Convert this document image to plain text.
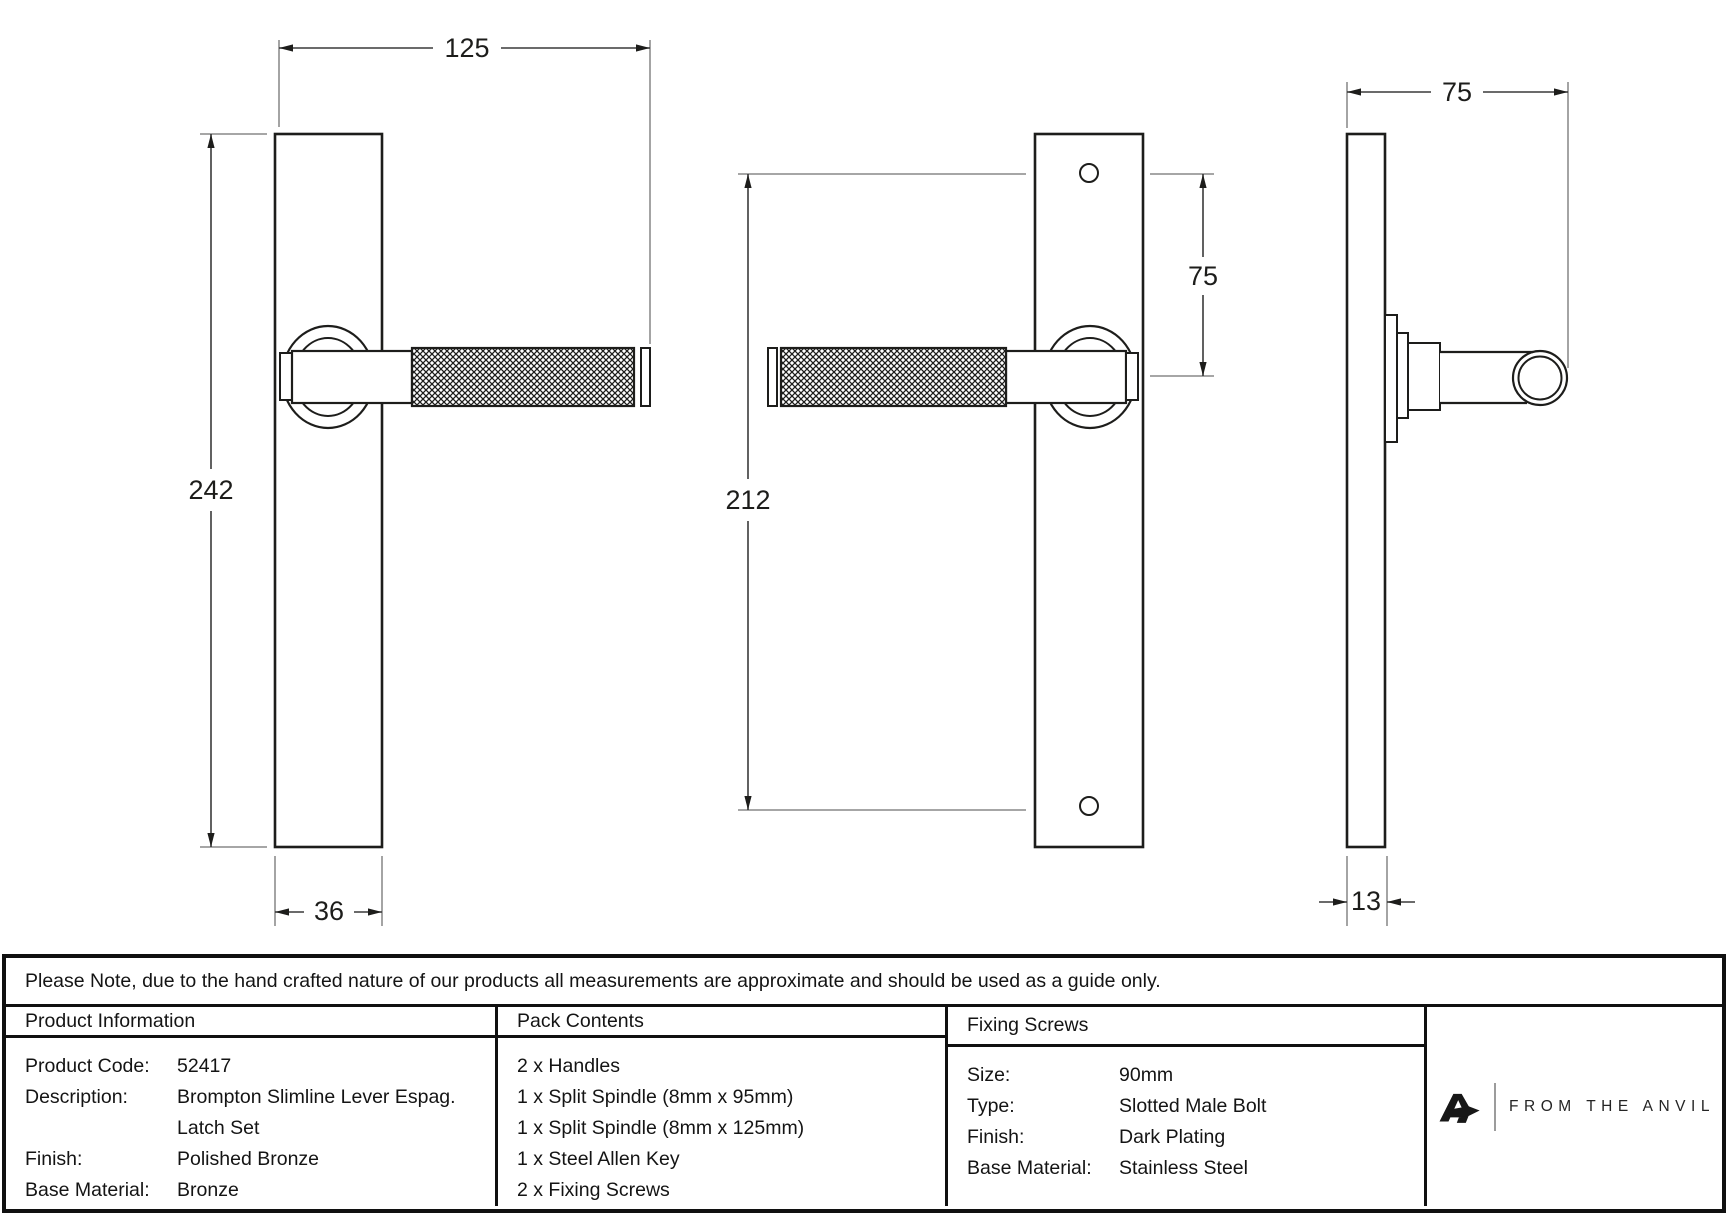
125
242
36
212
75
75
13
Please Note, due to the hand crafted nature of our products all measurements are approximate and should be used as a guide only.
Product Information
Product Code:	52417
Description:	Brompton Slimline Lever Espag. Latch Set
Finish:	Polished Bronze
Base Material:	Bronze
Pack Contents
2 x Handles
1 x Split Spindle (8mm x 95mm)
1 x Split Spindle (8mm x 125mm)
1 x Steel Allen Key
2 x Fixing Screws
Fixing Screws
Size:	90mm
Type:	Slotted Male Bolt
Finish:	Dark Plating
Base Material:	Stainless Steel
FROM THE ANVIL
